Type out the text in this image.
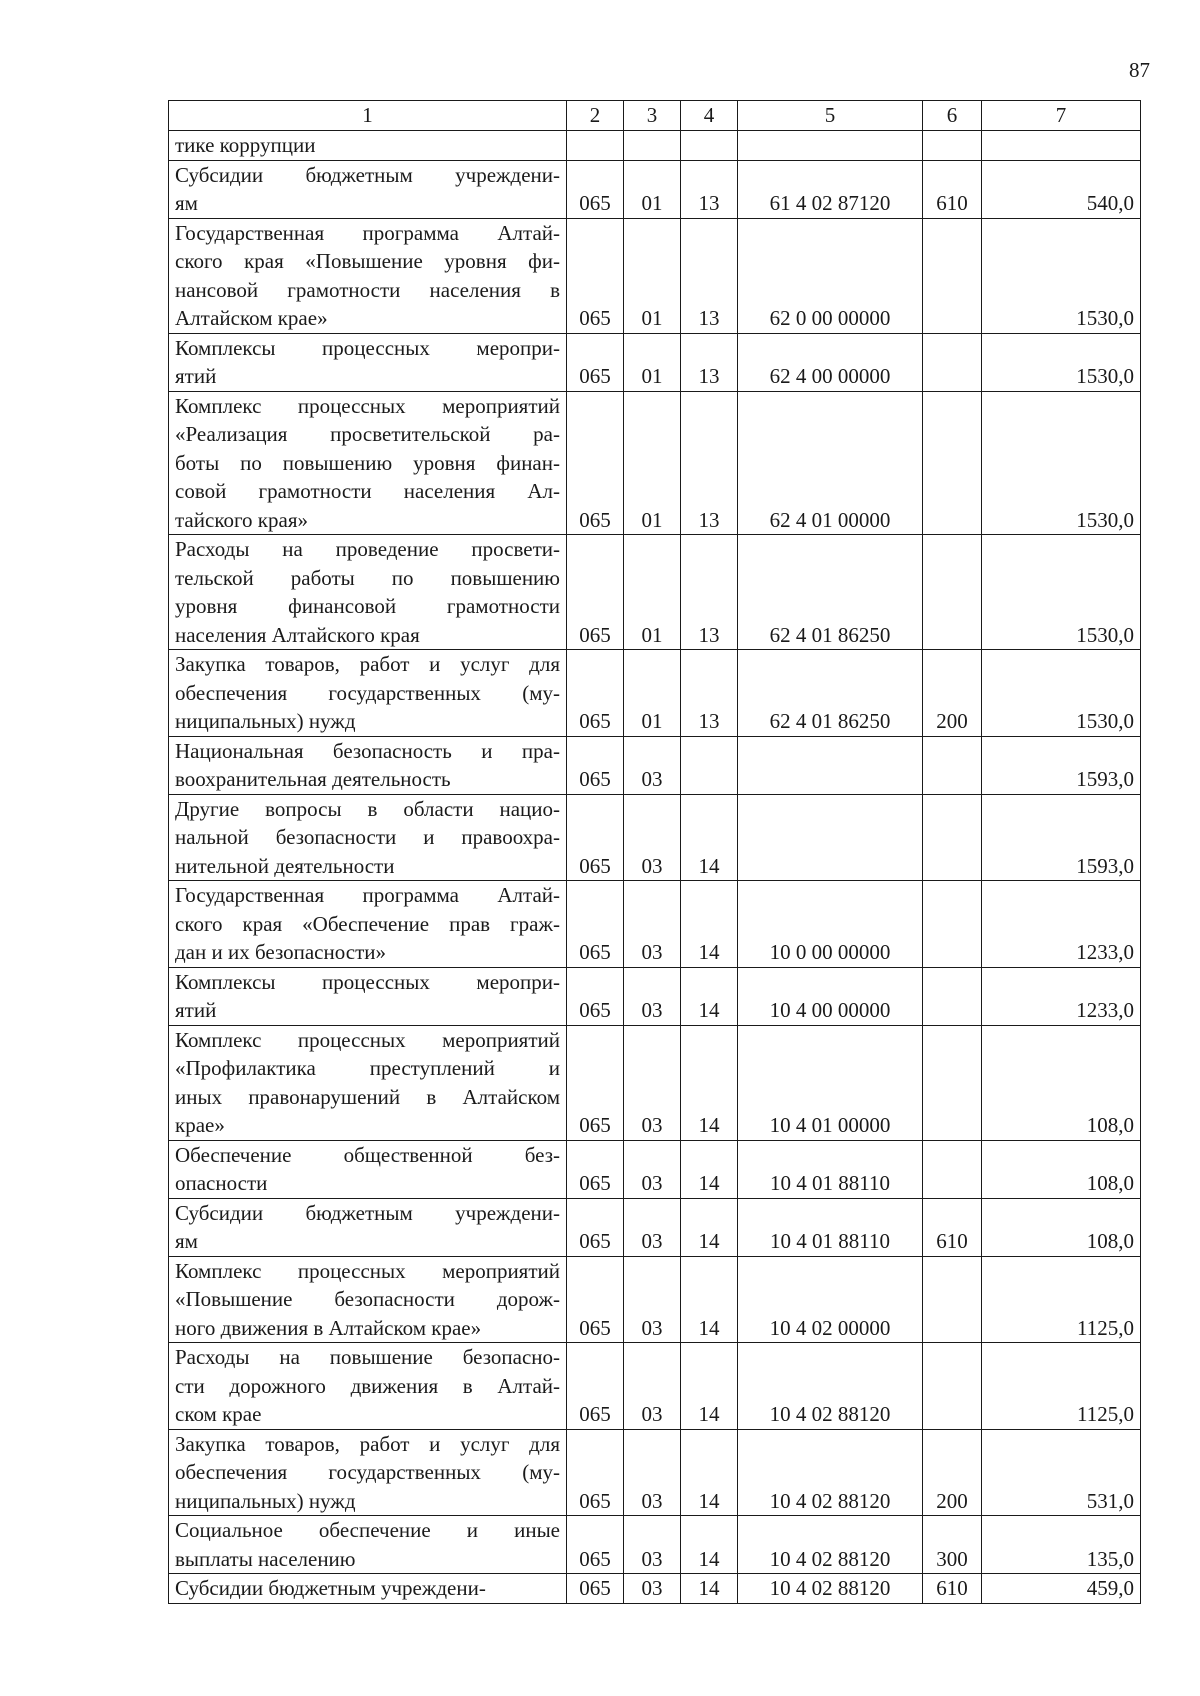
87
1	2	3	4	5	6	7

тике коррупции						

Субсидии бюджетным учреждени-
ям	065	01	13	61 4 02 87120	610	540,0

Государственная программа Алтай-
ского края «Повышение уровня фи-
нансовой грамотности населения в
Алтайском крае»	065	01	13	62 0 00 00000		1530,0

Комплексы процессных меропри-
ятий	065	01	13	62 4 00 00000		1530,0

Комплекс процессных мероприятий
«Реализация просветительской ра-
боты по повышению уровня финан-
совой грамотности населения Ал-
тайского края»	065	01	13	62 4 01 00000		1530,0

Расходы на проведение просвети-
тельской работы по повышению
уровня финансовой грамотности
населения Алтайского края	065	01	13	62 4 01 86250		1530,0

Закупка товаров, работ и услуг для
обеспечения государственных (му-
ниципальных) нужд	065	01	13	62 4 01 86250	200	1530,0

Национальная безопасность и пра-
воохранительная деятельность	065	03				1593,0

Другие вопросы в области нацио-
нальной безопасности и правоохра-
нительной деятельности	065	03	14			1593,0

Государственная программа Алтай-
ского края «Обеспечение прав граж-
дан и их безопасности»	065	03	14	10 0 00 00000		1233,0

Комплексы процессных меропри-
ятий	065	03	14	10 4 00 00000		1233,0

Комплекс процессных мероприятий
«Профилактика преступлений и
иных правонарушений в Алтайском
крае»	065	03	14	10 4 01 00000		108,0

Обеспечение общественной без-
опасности	065	03	14	10 4 01 88110		108,0

Субсидии бюджетным учреждени-
ям	065	03	14	10 4 01 88110	610	108,0

Комплекс процессных мероприятий
«Повышение безопасности дорож-
ного движения в Алтайском крае»	065	03	14	10 4 02 00000		1125,0

Расходы на повышение безопасно-
сти дорожного движения в Алтай-
ском крае	065	03	14	10 4 02 88120		1125,0

Закупка товаров, работ и услуг для
обеспечения государственных (му-
ниципальных) нужд	065	03	14	10 4 02 88120	200	531,0

Социальное обеспечение и иные
выплаты населению	065	03	14	10 4 02 88120	300	135,0

Субсидии бюджетным учреждени-	065	03	14	10 4 02 88120	610	459,0
